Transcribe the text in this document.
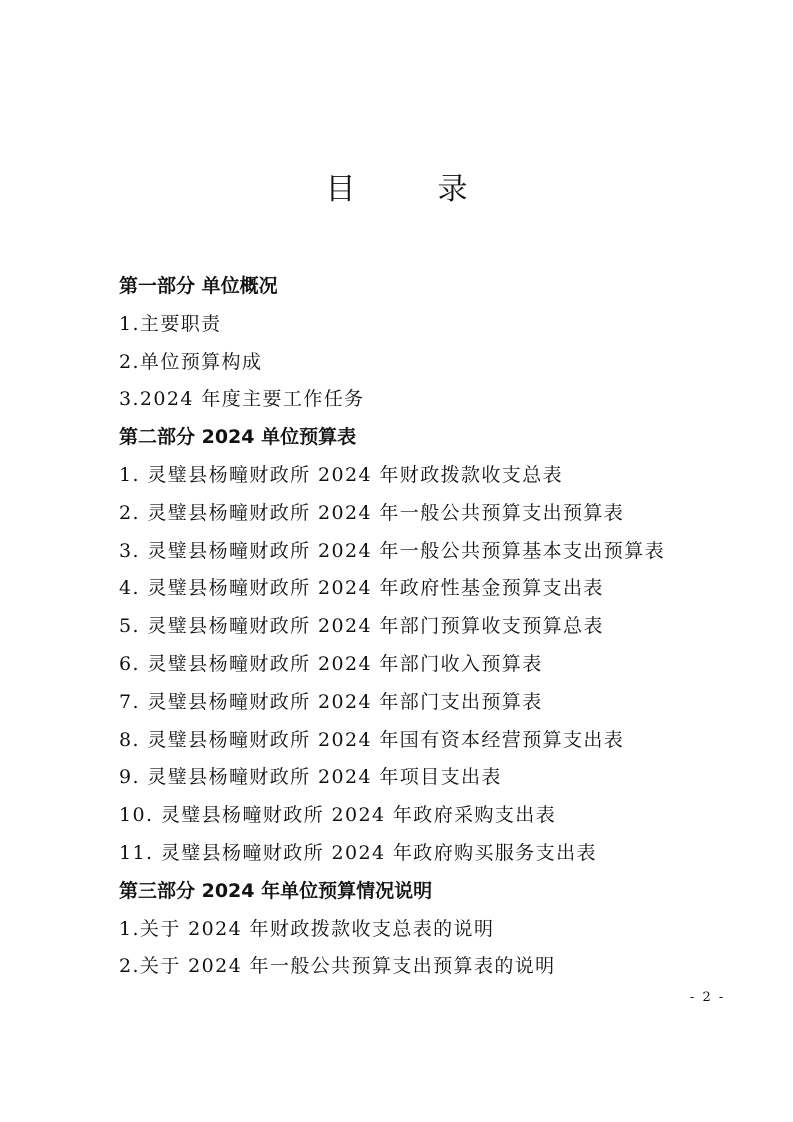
目　录
第一部分 单位概况
1.主要职责
2.单位预算构成
3.2024 年度主要工作任务
第二部分 2024 单位预算表
1. 灵璧县杨疃财政所 2024 年财政拨款收支总表
2. 灵璧县杨疃财政所 2024 年一般公共预算支出预算表
3. 灵璧县杨疃财政所 2024 年一般公共预算基本支出预算表
4. 灵璧县杨疃财政所 2024 年政府性基金预算支出表
5. 灵璧县杨疃财政所 2024 年部门预算收支预算总表
6. 灵璧县杨疃财政所 2024 年部门收入预算表
7. 灵璧县杨疃财政所 2024 年部门支出预算表
8. 灵璧县杨疃财政所 2024 年国有资本经营预算支出表
9. 灵璧县杨疃财政所 2024 年项目支出表
10. 灵璧县杨疃财政所 2024 年政府采购支出表
11. 灵璧县杨疃财政所 2024 年政府购买服务支出表
第三部分 2024 年单位预算情况说明
1.关于 2024 年财政拨款收支总表的说明
2.关于 2024 年一般公共预算支出预算表的说明
- 2 -
